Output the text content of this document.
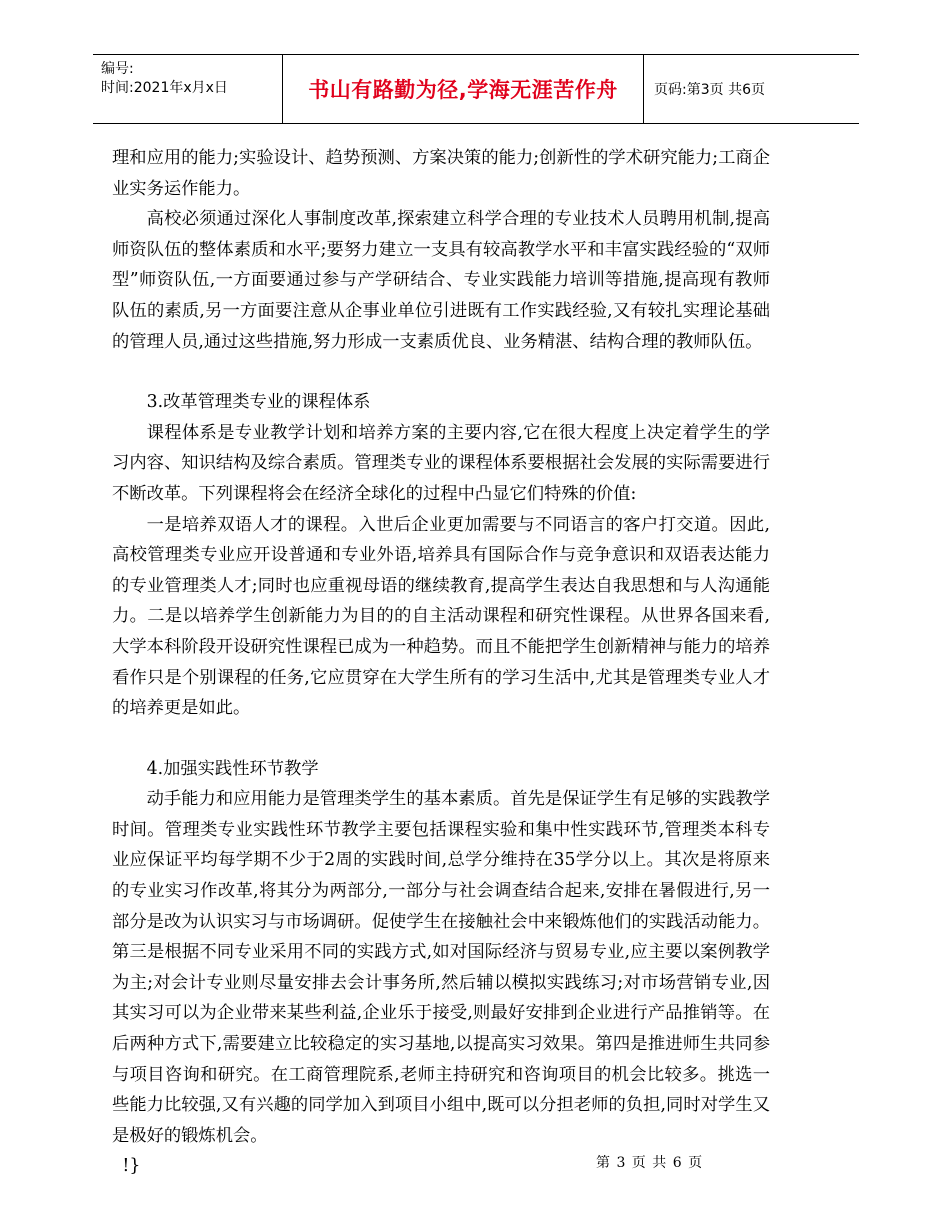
编号:
时间:2021年x月x日	书山有路勤为径,学海无涯苦作舟	页码:第3页 共6页

理和应用的能力;实验设计、趋势预测、方案决策的能力;创新性的学术研究能力;工商企业实务运作能力。

高校必须通过深化人事制度改革,探索建立科学合理的专业技术人员聘用机制,提高师资队伍的整体素质和水平;要努力建立一支具有较高教学水平和丰富实践经验的“双师型”师资队伍,一方面要通过参与产学研结合、专业实践能力培训等措施,提高现有教师队伍的素质,另一方面要注意从企事业单位引进既有工作实践经验,又有较扎实理论基础的管理人员,通过这些措施,努力形成一支素质优良、业务精湛、结构合理的教师队伍。

3.改革管理类专业的课程体系

课程体系是专业教学计划和培养方案的主要内容,它在很大程度上决定着学生的学习内容、知识结构及综合素质。管理类专业的课程体系要根据社会发展的实际需要进行不断改革。下列课程将会在经济全球化的过程中凸显它们特殊的价值:

一是培养双语人才的课程。入世后企业更加需要与不同语言的客户打交道。因此,高校管理类专业应开设普通和专业外语,培养具有国际合作与竞争意识和双语表达能力的专业管理类人才;同时也应重视母语的继续教育,提高学生表达自我思想和与人沟通能力。二是以培养学生创新能力为目的的自主活动课程和研究性课程。从世界各国来看,大学本科阶段开设研究性课程已成为一种趋势。而且不能把学生创新精神与能力的培养看作只是个别课程的任务,它应贯穿在大学生所有的学习生活中,尤其是管理类专业人才的培养更是如此。

4.加强实践性环节教学

动手能力和应用能力是管理类学生的基本素质。首先是保证学生有足够的实践教学时间。管理类专业实践性环节教学主要包括课程实验和集中性实践环节,管理类本科专业应保证平均每学期不少于2周的实践时间,总学分维持在35学分以上。其次是将原来的专业实习作改革,将其分为两部分,一部分与社会调查结合起来,安排在暑假进行,另一部分是改为认识实习与市场调研。促使学生在接触社会中来锻炼他们的实践活动能力。第三是根据不同专业采用不同的实践方式,如对国际经济与贸易专业,应主要以案例教学为主;对会计专业则尽量安排去会计事务所,然后辅以模拟实践练习;对市场营销专业,因其实习可以为企业带来某些利益,企业乐于接受,则最好安排到企业进行产品推销等。在后两种方式下,需要建立比较稳定的实习基地,以提高实习效果。第四是推进师生共同参与项目咨询和研究。在工商管理院系,老师主持研究和咨询项目的机会比较多。挑选一些能力比较强,又有兴趣的同学加入到项目小组中,既可以分担老师的负担,同时对学生又是极好的锻炼机会。

!}	第 3 页 共 6 页
